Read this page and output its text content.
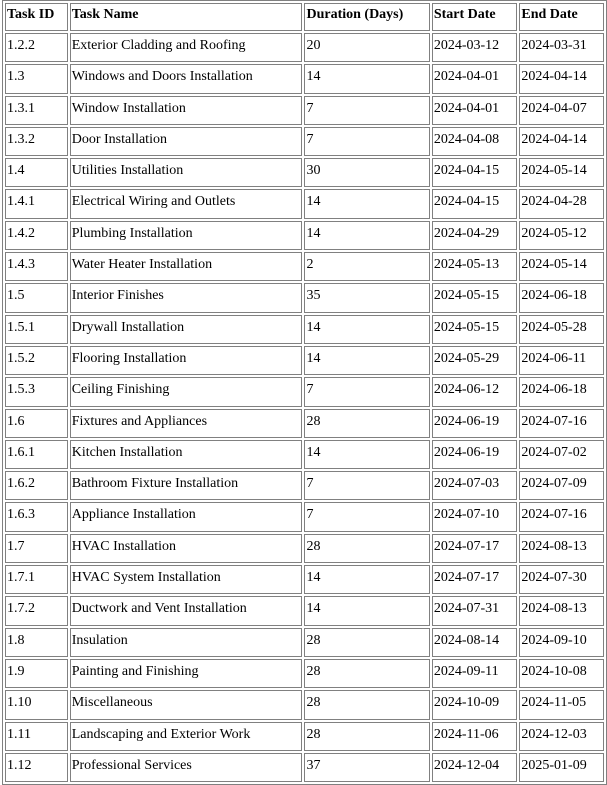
Task ID	Task Name	Duration (Days)	Start Date	End Date
1.2.2	Exterior Cladding and Roofing	20	2024-03-12	2024-03-31
1.3	Windows and Doors Installation	14	2024-04-01	2024-04-14
1.3.1	Window Installation	7	2024-04-01	2024-04-07
1.3.2	Door Installation	7	2024-04-08	2024-04-14
1.4	Utilities Installation	30	2024-04-15	2024-05-14
1.4.1	Electrical Wiring and Outlets	14	2024-04-15	2024-04-28
1.4.2	Plumbing Installation	14	2024-04-29	2024-05-12
1.4.3	Water Heater Installation	2	2024-05-13	2024-05-14
1.5	Interior Finishes	35	2024-05-15	2024-06-18
1.5.1	Drywall Installation	14	2024-05-15	2024-05-28
1.5.2	Flooring Installation	14	2024-05-29	2024-06-11
1.5.3	Ceiling Finishing	7	2024-06-12	2024-06-18
1.6	Fixtures and Appliances	28	2024-06-19	2024-07-16
1.6.1	Kitchen Installation	14	2024-06-19	2024-07-02
1.6.2	Bathroom Fixture Installation	7	2024-07-03	2024-07-09
1.6.3	Appliance Installation	7	2024-07-10	2024-07-16
1.7	HVAC Installation	28	2024-07-17	2024-08-13
1.7.1	HVAC System Installation	14	2024-07-17	2024-07-30
1.7.2	Ductwork and Vent Installation	14	2024-07-31	2024-08-13
1.8	Insulation	28	2024-08-14	2024-09-10
1.9	Painting and Finishing	28	2024-09-11	2024-10-08
1.10	Miscellaneous	28	2024-10-09	2024-11-05
1.11	Landscaping and Exterior Work	28	2024-11-06	2024-12-03
1.12	Professional Services	37	2024-12-04	2025-01-09
